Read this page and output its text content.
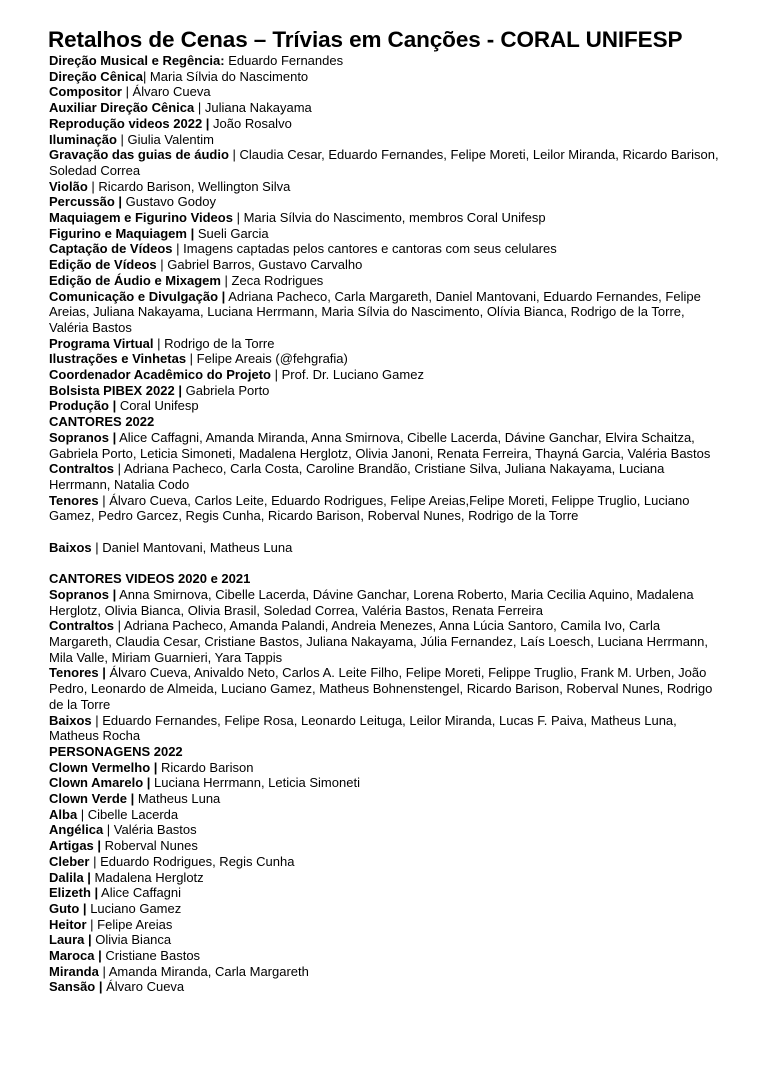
Retalhos de Cenas – Trívias em Canções - CORAL UNIFESP

Direção Musical e Regência: Eduardo Fernandes

Direção Cênica| Maria Sílvia do Nascimento

Compositor | Álvaro Cueva

Auxiliar Direção Cênica | Juliana Nakayama

Reprodução videos 2022 | João Rosalvo

Iluminação | Giulia Valentim

Gravação das guias de áudio | Claudia Cesar, Eduardo Fernandes, Felipe Moreti, Leilor Miranda, Ricardo Barison, Soledad Correa

Violão | Ricardo Barison, Wellington Silva

Percussão | Gustavo Godoy

Maquiagem e Figurino Videos | Maria Sílvia do Nascimento, membros Coral Unifesp

Figurino e Maquiagem | Sueli Garcia

Captação de Vídeos | Imagens captadas pelos cantores e cantoras com seus celulares

Edição de Vídeos | Gabriel Barros, Gustavo Carvalho

Edição de Áudio e Mixagem | Zeca Rodrigues

Comunicação e Divulgação | Adriana Pacheco, Carla Margareth, Daniel Mantovani, Eduardo Fernandes, Felipe Areias, Juliana Nakayama, Luciana Herrmann, Maria Sílvia do Nascimento, Olívia Bianca, Rodrigo de la Torre, Valéria Bastos

Programa Virtual | Rodrigo de la Torre

Ilustrações e Vinhetas | Felipe Areais (@fehgrafia)

Coordenador Acadêmico do Projeto | Prof. Dr. Luciano Gamez

Bolsista PIBEX 2022 | Gabriela Porto

Produção | Coral Unifesp

CANTORES 2022

Sopranos | Alice Caffagni, Amanda Miranda, Anna Smirnova, Cibelle Lacerda, Dávine Ganchar, Elvira Schaitza, Gabriela Porto, Leticia Simoneti, Madalena Herglotz, Olivia Janoni, Renata Ferreira, Thayná Garcia, Valéria Bastos

Contraltos | Adriana Pacheco, Carla Costa, Caroline Brandão, Cristiane Silva, Juliana Nakayama, Luciana Herrmann, Natalia Codo

Tenores | Álvaro Cueva, Carlos Leite, Eduardo Rodrigues, Felipe Areias,Felipe Moreti, Felippe Truglio, Luciano Gamez, Pedro Garcez, Regis Cunha, Ricardo Barison, Roberval Nunes, Rodrigo de la Torre

Baixos | Daniel Mantovani, Matheus Luna

CANTORES VIDEOS 2020 e 2021

Sopranos | Anna Smirnova, Cibelle Lacerda, Dávine Ganchar, Lorena Roberto, Maria Cecilia Aquino, Madalena Herglotz, Olivia Bianca, Olivia Brasil, Soledad Correa, Valéria Bastos, Renata Ferreira

Contraltos | Adriana Pacheco, Amanda Palandi, Andreia Menezes, Anna Lúcia Santoro, Camila Ivo, Carla Margareth, Claudia Cesar, Cristiane Bastos, Juliana Nakayama, Júlia Fernandez, Laís Loesch, Luciana Herrmann, Mila Valle, Miriam Guarnieri, Yara Tappis

Tenores | Álvaro Cueva, Anivaldo Neto, Carlos A. Leite Filho, Felipe Moreti, Felippe Truglio, Frank M. Urben, João Pedro, Leonardo de Almeida, Luciano Gamez, Matheus Bohnenstengel, Ricardo Barison, Roberval Nunes, Rodrigo de la Torre

Baixos | Eduardo Fernandes, Felipe Rosa, Leonardo Leituga, Leilor Miranda, Lucas F. Paiva, Matheus Luna, Matheus Rocha

PERSONAGENS 2022

Clown Vermelho | Ricardo Barison

Clown Amarelo | Luciana Herrmann, Leticia Simoneti

Clown Verde | Matheus Luna

Alba | Cibelle Lacerda

Angélica | Valéria Bastos

Artigas | Roberval Nunes

Cleber | Eduardo Rodrigues, Regis Cunha

Dalila | Madalena Herglotz

Elizeth | Alice Caffagni

Guto | Luciano Gamez

Heitor | Felipe Areias

Laura | Olivia Bianca

Maroca | Cristiane Bastos

Miranda | Amanda Miranda, Carla Margareth

Sansão | Álvaro Cueva
